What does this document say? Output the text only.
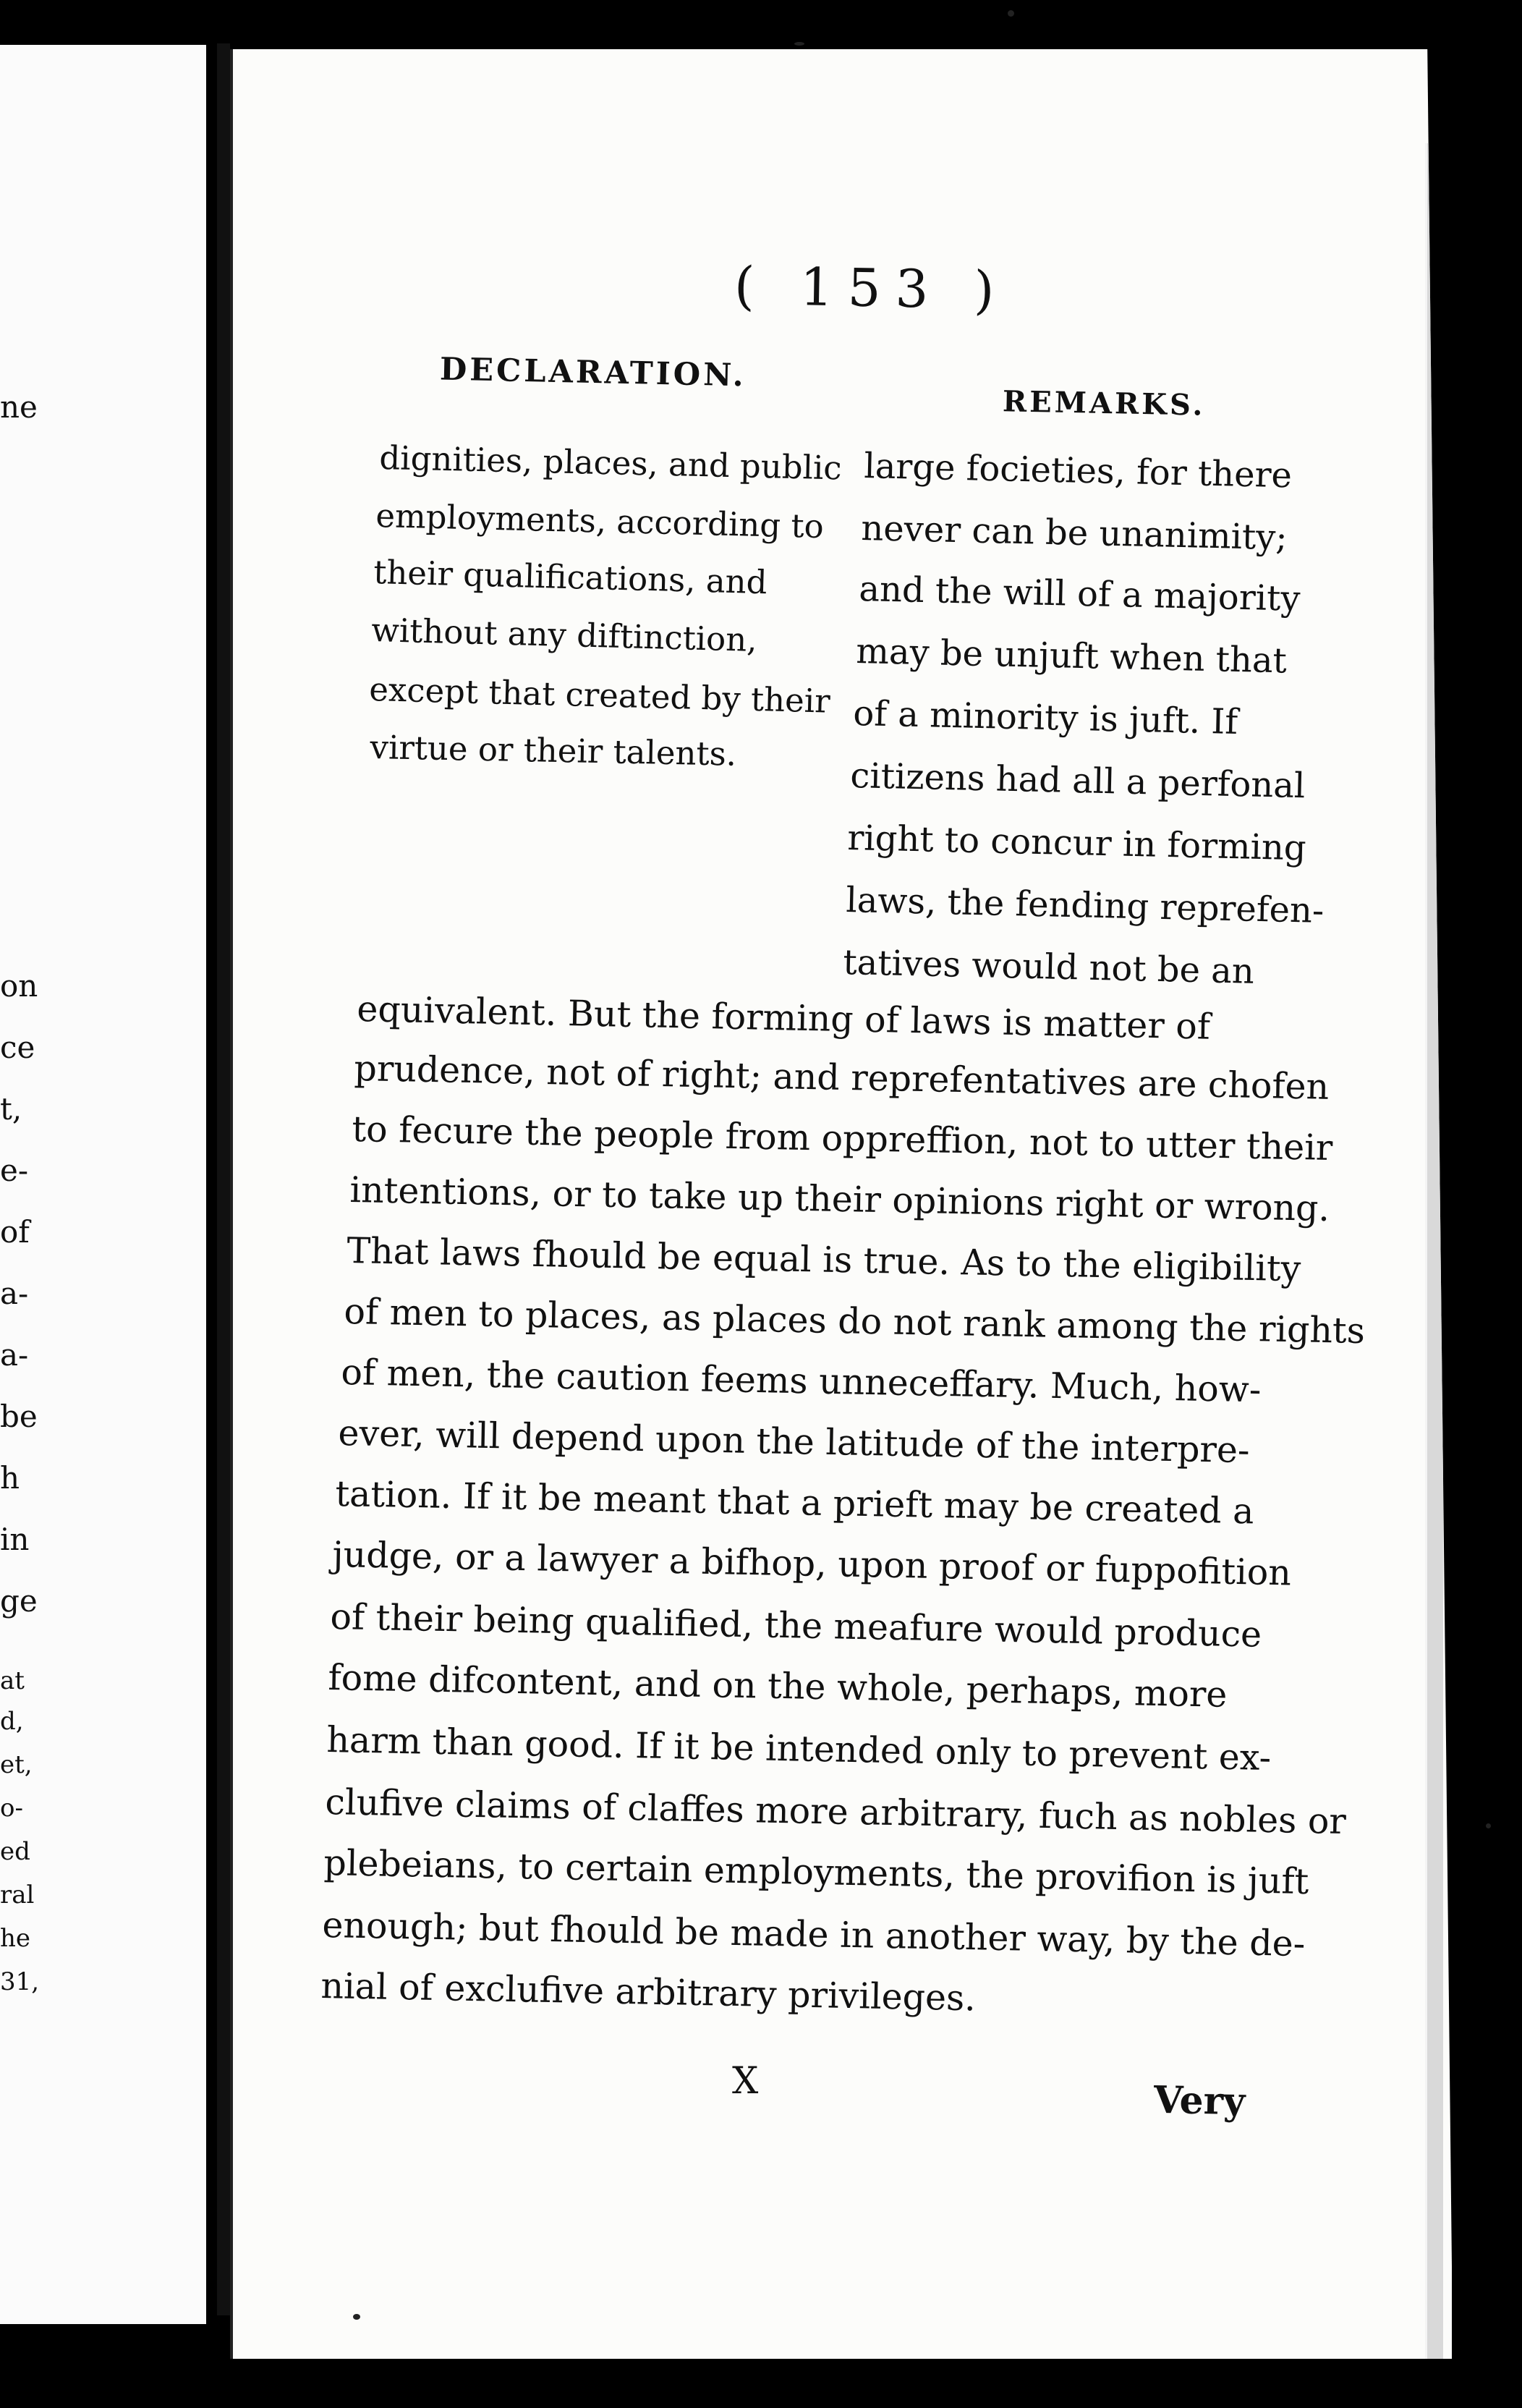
ne
on
ce
t,
e-
of
a-
a-
be
h
in
ge
at
d,
et,
o-
ed
ral
he
31,
( 153 )
DECLARATION.
REMARKS.
dignities, places, and public
employments, according to
their qualifications, and
without any diftinction,
except that created by their
virtue or their talents.
large focieties, for there
never can be unanimity;
and the will of a majority
may be unjuft when that
of a minority is juft. If
citizens had all a perfonal
right to concur in forming
laws, the fending reprefen-
tatives would not be an
equivalent. But the forming of laws is matter of
prudence, not of right; and reprefentatives are chofen
to fecure the people from oppreffion, not to utter their
intentions, or to take up their opinions right or wrong.
That laws fhould be equal is true. As to the eligibility
of men to places, as places do not rank among the rights
of men, the caution feems unneceffary. Much, how-
ever, will depend upon the latitude of the interpre-
tation. If it be meant that a prieft may be created a
judge, or a lawyer a bifhop, upon proof or fuppofition
of their being qualified, the meafure would produce
fome difcontent, and on the whole, perhaps, more
harm than good. If it be intended only to prevent ex-
clufive claims of claffes more arbitrary, fuch as nobles or
plebeians, to certain employments, the provifion is juft
enough; but fhould be made in another way, by the de-
nial of exclufive arbitrary privileges.
X	Very
